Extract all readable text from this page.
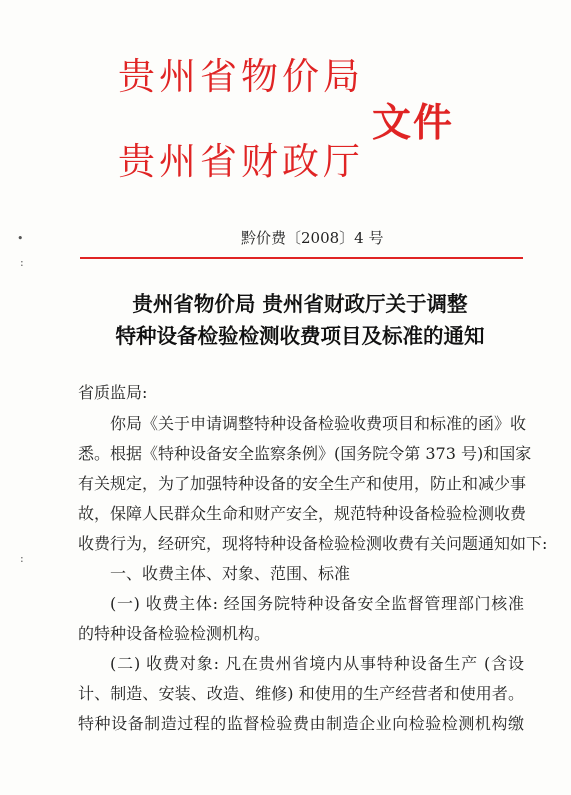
贵州省物价局
文件
贵州省财政厅
黔价费〔2008〕4 号
贵州省物价局 贵州省财政厅关于调整
特种设备检验检测收费项目及标准的通知
省质监局:
你局《关于申请调整特种设备检验收费项目和标准的函》收
悉。根据《特种设备安全监察条例》(国务院令第 373 号)和国家
有关规定，为了加强特种设备的安全生产和使用，防止和减少事
故，保障人民群众生命和财产安全，规范特种设备检验检测收费
收费行为，经研究，现将特种设备检验检测收费有关问题通知如下:
一、收费主体、对象、范围、标准
(一) 收费主体: 经国务院特种设备安全监督管理部门核准
的特种设备检验检测机构。
(二) 收费对象: 凡在贵州省境内从事特种设备生产 (含设
计、制造、安装、改造、维修) 和使用的生产经营者和使用者。
特种设备制造过程的监督检验费由制造企业向检验检测机构缴
•
:
:
